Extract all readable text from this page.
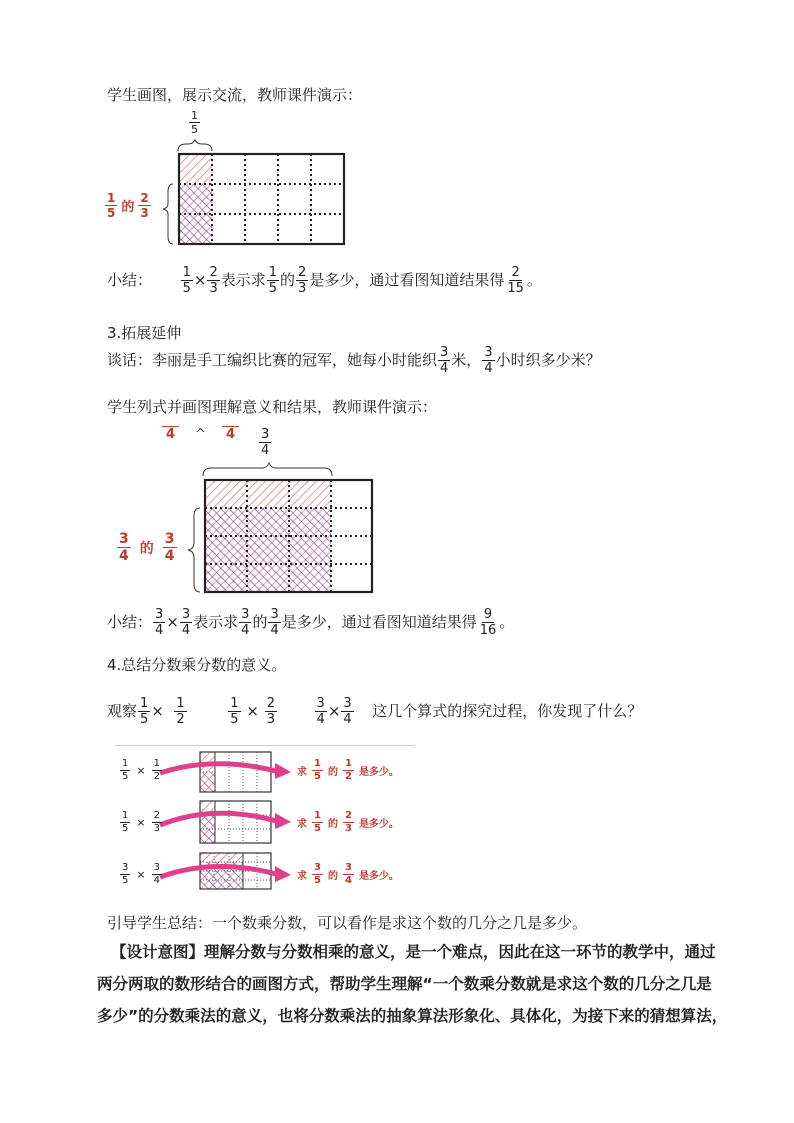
学生画图，展示交流，教师课件演示：
$\frac{1}{5}$
$\frac{1}{5}$ 的 $\frac{2}{3}$
小结： $\frac{1}{5} \times \frac{2}{3}$ 表示求 $\frac{1}{5}$ 的 $\frac{2}{3}$ 是多少，通过看图知道结果得 $\frac{2}{15}$ 。
3.拓展延伸
谈话：李丽是手工编织比赛的冠军，她每小时能织 $\frac{3}{4}$ 米， $\frac{3}{4}$ 小时织多少米？
学生列式并画图理解意义和结果，教师课件演示：
4	^	4	$\frac{3}{4}$
$\frac{3}{4}$ 的 $\frac{3}{4}$
小结： $\frac{3}{4} \times \frac{3}{4}$ 表示求 $\frac{3}{4}$ 的 $\frac{3}{4}$ 是多少，通过看图知道结果得 $\frac{9}{16}$ 。
4.总结分数乘分数的意义。
观察 $\frac{1}{5} \times \frac{1}{2}$
	$\frac{1}{5} \times \frac{2}{3}$
	$\frac{3}{4} \times \frac{3}{4}$ 这几个算式的探究过程，你发现了什么？
$\frac{1}{5} \times \frac{1}{2}$
$\frac{1}{5} \times \frac{2}{3}$
$\frac{3}{5} \times \frac{3}{4}$
求 $\frac{1}{5}$ 的 $\frac{1}{2}$ 是多少。
求 $\frac{1}{5}$ 的 $\frac{2}{3}$ 是多少。
求 $\frac{3}{5}$ 的 $\frac{3}{4}$ 是多少。
引导学生总结：一个数乘分数，可以看作是求这个数的几分之几是多少。
【设计意图】理解分数与分数相乘的意义，是一个难点，因此在这一环节的教学中，通过
两分两取的数形结合的画图方式，帮助学生理解“一个数乘分数就是求这个数的几分之几是
多少”的分数乘法的意义，也将分数乘法的抽象算法形象化、具体化，为接下来的猜想算法，
